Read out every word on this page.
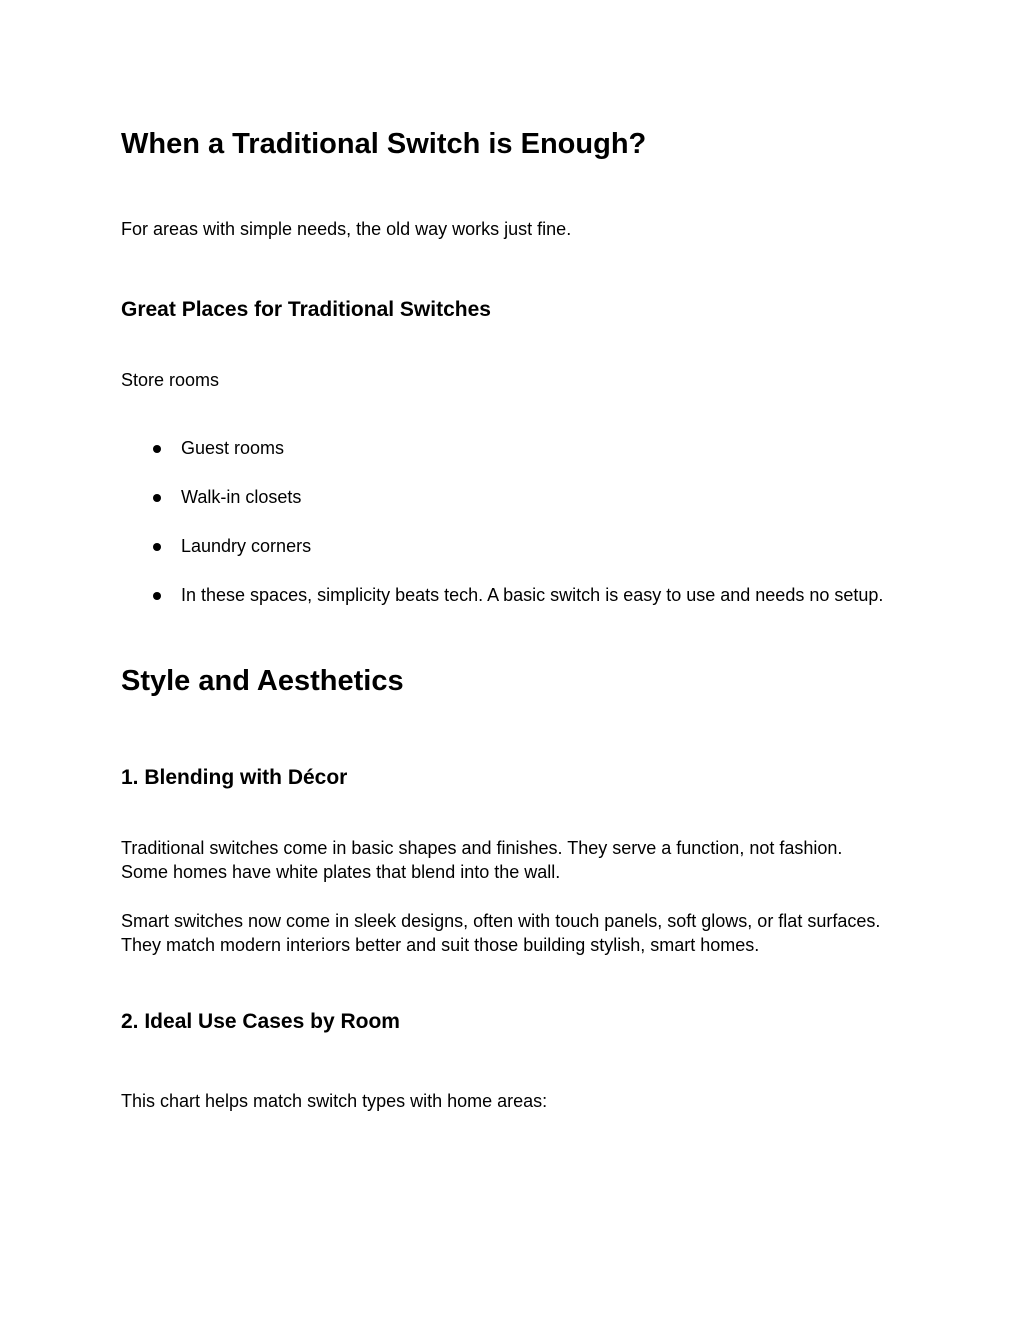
When a Traditional Switch is Enough?

For areas with simple needs, the old way works just fine.

Great Places for Traditional Switches

Store rooms

Guest rooms
Walk-in closets
Laundry corners
In these spaces, simplicity beats tech. A basic switch is easy to use and needs no setup.
Style and Aesthetics
1. Blending with Décor

Traditional switches come in basic shapes and finishes. They serve a function, not fashion.

Some homes have white plates that blend into the wall.

Smart switches now come in sleek designs, often with touch panels, soft glows, or flat surfaces.

They match modern interiors better and suit those building stylish, smart homes.

2. Ideal Use Cases by Room

This chart helps match switch types with home areas:
